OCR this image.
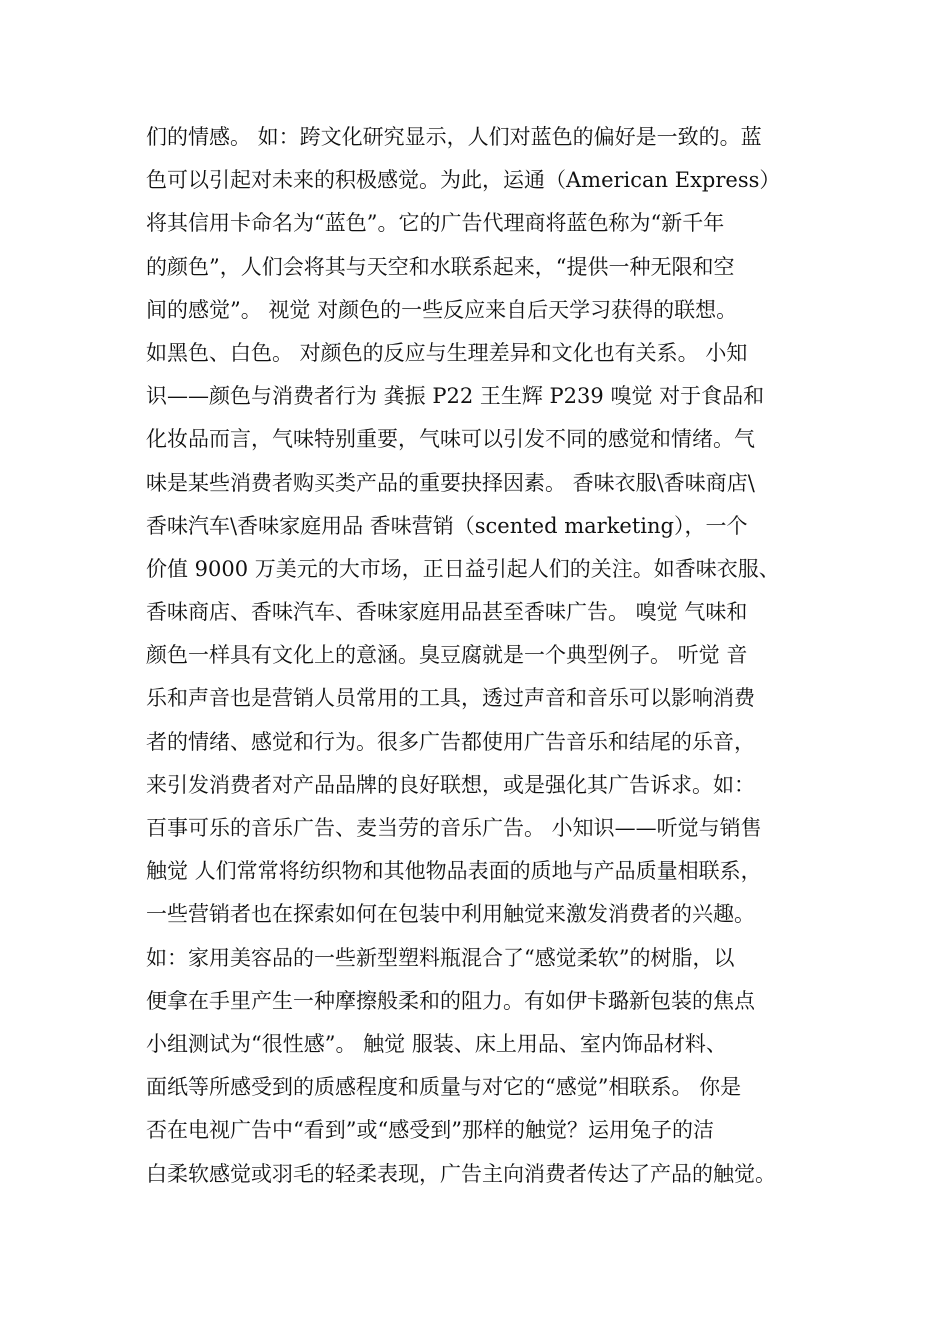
们的情感。 如：跨文化研究显示，人们对蓝色的偏好是一致的。蓝
色可以引起对未来的积极感觉。为此，运通（American Express）
将其信用卡命名为“蓝色”。它的广告代理商将蓝色称为“新千年
的颜色”，人们会将其与天空和水联系起来，“提供一种无限和空
间的感觉”。 视觉 对颜色的一些反应来自后天学习获得的联想。
如黑色、白色。 对颜色的反应与生理差异和文化也有关系。 小知
识——颜色与消费者行为 龚振 P22 王生辉 P239 嗅觉 对于食品和
化妆品而言，气味特别重要，气味可以引发不同的感觉和情绪。气
味是某些消费者购买类产品的重要抉择因素。 香味衣服\香味商店\
香味汽车\香味家庭用品 香味营销（scented marketing），一个
价值 9000 万美元的大市场，正日益引起人们的关注。如香味衣服、
香味商店、香味汽车、香味家庭用品甚至香味广告。 嗅觉 气味和
颜色一样具有文化上的意涵。臭豆腐就是一个典型例子。 听觉 音
乐和声音也是营销人员常用的工具，透过声音和音乐可以影响消费
者的情绪、感觉和行为。很多广告都使用广告音乐和结尾的乐音，
来引发消费者对产品品牌的良好联想，或是强化其广告诉求。如：
百事可乐的音乐广告、麦当劳的音乐广告。 小知识——听觉与销售
触觉 人们常常将纺织物和其他物品表面的质地与产品质量相联系，
一些营销者也在探索如何在包装中利用触觉来激发消费者的兴趣。
如：家用美容品的一些新型塑料瓶混合了“感觉柔软”的树脂，以
便拿在手里产生一种摩擦般柔和的阻力。有如伊卡璐新包装的焦点
小组测试为“很性感”。 触觉 服装、床上用品、室内饰品材料、
面纸等所感受到的质感程度和质量与对它的“感觉”相联系。 你是
否在电视广告中“看到”或“感受到”那样的触觉？运用兔子的洁
白柔软感觉或羽毛的轻柔表现，广告主向消费者传达了产品的触觉。
